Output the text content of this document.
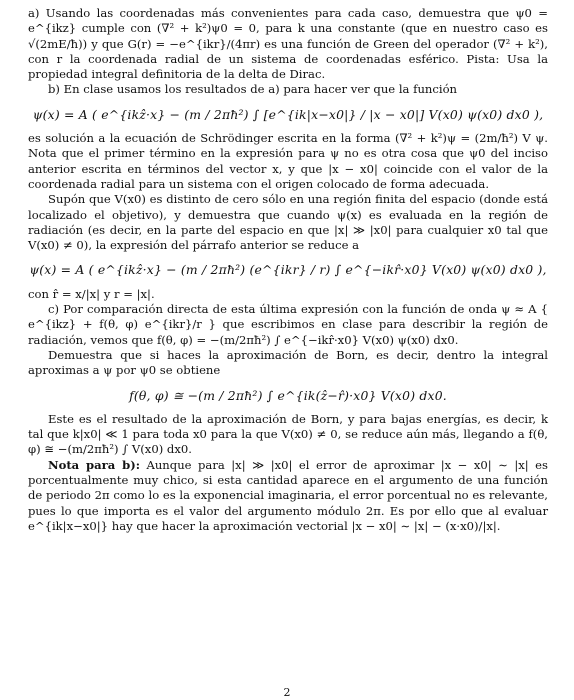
a) Usando las coordenadas más convenientes para cada caso, demuestra que ψ0 = e^{ikz} cumple con (∇² + k²)ψ0 = 0, para k una constante (que en nuestro caso es √(2mE/ħ)) y que G(r) = −e^{ikr}/(4πr) es una función de Green del operador (∇² + k²), con r la coordenada radial de un sistema de coordenadas esférico. Pista: Usa la propiedad integral definitoria de la delta de Dirac.

b) En clase usamos los resultados de a) para hacer ver que la función

ψ(x) = A ( e^{ikẑ·x} − (m / 2πħ²) ∫ [e^{ik|x−x0|} / |x − x0|] V(x0) ψ(x0) dx0 ),

es solución a la ecuación de Schrödinger escrita en la forma (∇² + k²)ψ = (2m/ħ²) V ψ. Nota que el primer término en la expresión para ψ no es otra cosa que ψ0 del inciso anterior escrita en términos del vector x, y que |x − x0| coincide con el valor de la coordenada radial para un sistema con el origen colocado de forma adecuada.

Supón que V(x0) es distinto de cero sólo en una región finita del espacio (donde está localizado el objetivo), y demuestra que cuando ψ(x) es evaluada en la región de radiación (es decir, en la parte del espacio en que |x| ≫ |x0| para cualquier x0 tal que V(x0) ≠ 0), la expresión del párrafo anterior se reduce a

ψ(x) = A ( e^{ikẑ·x} − (m / 2πħ²) (e^{ikr} / r) ∫ e^{−ikr̂·x0} V(x0) ψ(x0) dx0 ),

con r̂ = x/|x| y r = |x|.

c) Por comparación directa de esta última expresión con la función de onda ψ ≈ A { e^{ikz} + f(θ, φ) e^{ikr}/r } que escribimos en clase para describir la región de radiación, vemos que f(θ, φ) = −(m/2πħ²) ∫ e^{−ikr̂·x0} V(x0) ψ(x0) dx0.

Demuestra que si haces la aproximación de Born, es decir, dentro la integral aproximas a ψ por ψ0 se obtiene

f(θ, φ) ≅ −(m / 2πħ²) ∫ e^{ik(ẑ−r̂)·x0} V(x0) dx0.

Este es el resultado de la aproximación de Born, y para bajas energías, es decir, k tal que k|x0| ≪ 1 para toda x0 para la que V(x0) ≠ 0, se reduce aún más, llegando a f(θ, φ) ≅ −(m/2πħ²) ∫ V(x0) dx0.

Nota para b): Aunque para |x| ≫ |x0| el error de aproximar |x − x0| ∼ |x| es porcentualmente muy chico, si esta cantidad aparece en el argumento de una función de periodo 2π como lo es la exponencial imaginaria, el error porcentual no es relevante, pues lo que importa es el valor del argumento módulo 2π. Es por ello que al evaluar e^{ik|x−x0|} hay que hacer la aproximación vectorial |x − x0| ∼ |x| − (x·x0)/|x|.

2
